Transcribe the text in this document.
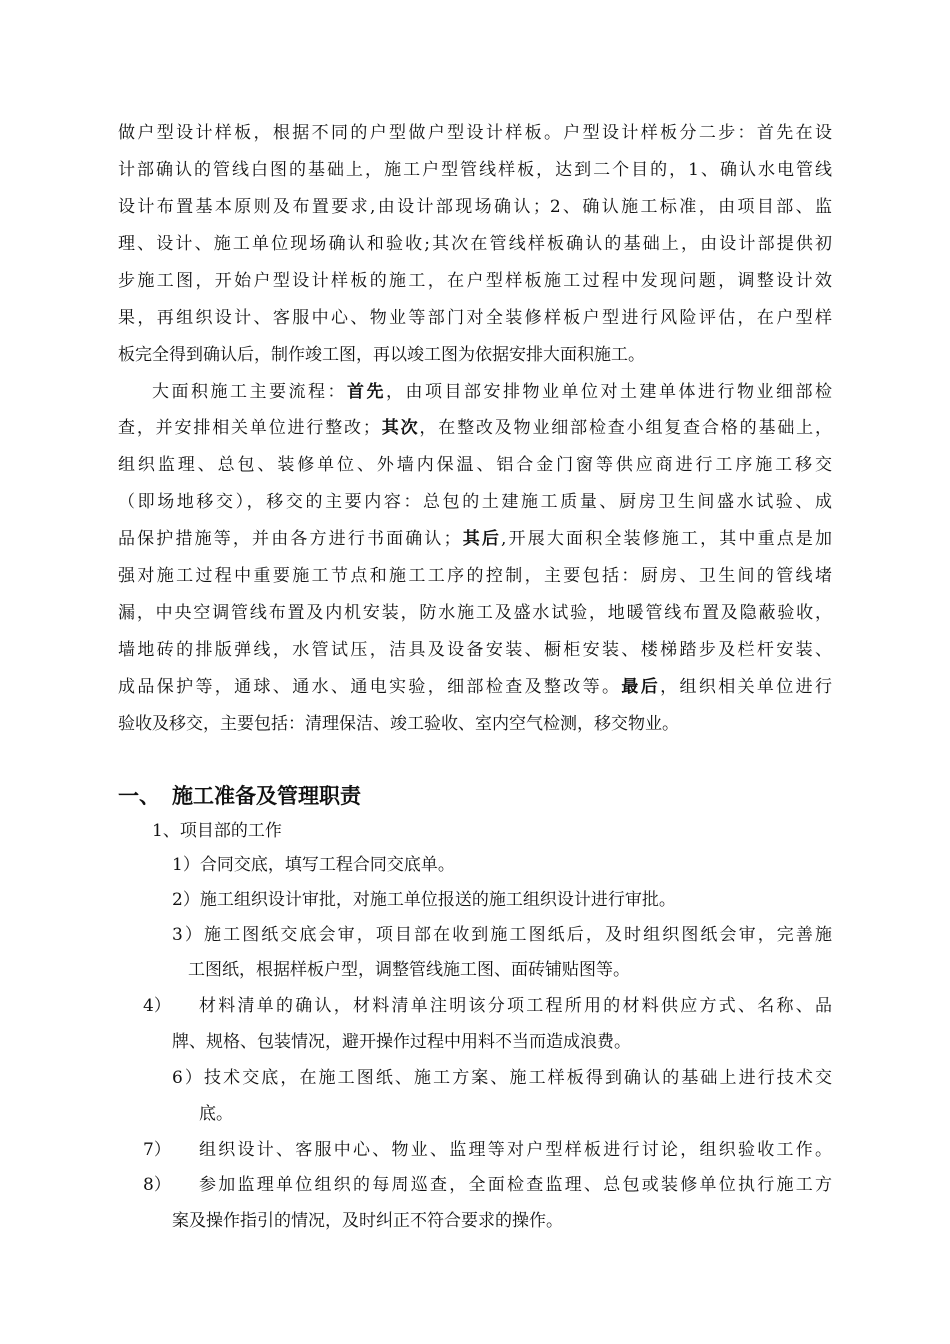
做户型设计样板，根据不同的户型做户型设计样板。户型设计样板分二步：首先在设
计部确认的管线白图的基础上，施工户型管线样板，达到二个目的，1、确认水电管线
设计布置基本原则及布置要求,由设计部现场确认；2、确认施工标准，由项目部、监
理、设计、施工单位现场确认和验收;其次在管线样板确认的基础上，由设计部提供初
步施工图，开始户型设计样板的施工，在户型样板施工过程中发现问题，调整设计效
果，再组织设计、客服中心、物业等部门对全装修样板户型进行风险评估，在户型样
板完全得到确认后，制作竣工图，再以竣工图为依据安排大面积施工。
大面积施工主要流程：首先，由项目部安排物业单位对土建单体进行物业细部检
查，并安排相关单位进行整改；其次，在整改及物业细部检查小组复查合格的基础上，
组织监理、总包、装修单位、外墙内保温、铝合金门窗等供应商进行工序施工移交
（即场地移交），移交的主要内容：总包的土建施工质量、厨房卫生间盛水试验、成
品保护措施等，并由各方进行书面确认；其后,开展大面积全装修施工，其中重点是加
强对施工过程中重要施工节点和施工工序的控制，主要包括：厨房、卫生间的管线堵
漏，中央空调管线布置及内机安装，防水施工及盛水试验，地暖管线布置及隐蔽验收，
墙地砖的排版弹线，水管试压，洁具及设备安装、橱柜安装、楼梯踏步及栏杆安装、
成品保护等，通球、通水、通电实验，细部检查及整改等。最后，组织相关单位进行
验收及移交，主要包括：清理保洁、竣工验收、室内空气检测，移交物业。
一、 施工准备及管理职责
1、项目部的工作
1）合同交底，填写工程合同交底单。
2）施工组织设计审批，对施工单位报送的施工组织设计进行审批。
3）施工图纸交底会审，项目部在收到施工图纸后，及时组织图纸会审，完善施
工图纸，根据样板户型，调整管线施工图、面砖铺贴图等。
4） 材料清单的确认，材料清单注明该分项工程所用的材料供应方式、名称、品
牌、规格、包装情况，避开操作过程中用料不当而造成浪费。
6）技术交底，在施工图纸、施工方案、施工样板得到确认的基础上进行技术交
底。
7） 组织设计、客服中心、物业、监理等对户型样板进行讨论，组织验收工作。
8） 参加监理单位组织的每周巡查，全面检查监理、总包或装修单位执行施工方
案及操作指引的情况，及时纠正不符合要求的操作。
